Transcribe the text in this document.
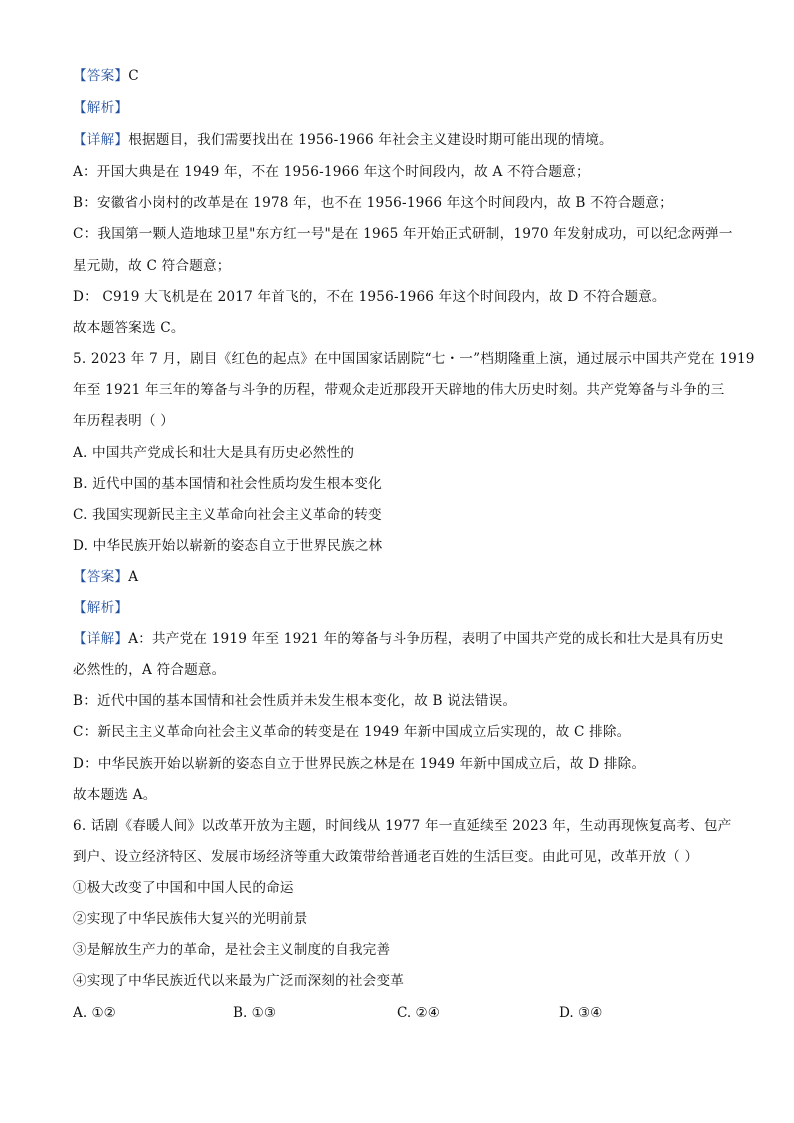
【答案】C
【解析】
【详解】根据题目，我们需要找出在 1956-1966 年社会主义建设时期可能出现的情境。
A：开国大典是在 1949 年，不在 1956-1966 年这个时间段内，故 A 不符合题意；
B：安徽省小岗村的改革是在 1978 年，也不在 1956-1966 年这个时间段内，故 B 不符合题意；
C：我国第一颗人造地球卫星"东方红一号"是在 1965 年开始正式研制，1970 年发射成功，可以纪念两弹一
星元勋，故 C 符合题意；
D： C919 大飞机是在 2017 年首飞的，不在 1956-1966 年这个时间段内，故 D 不符合题意。
故本题答案选 C。
5. 2023 年 7 月，剧目《红色的起点》在中国国家话剧院“七・一”档期隆重上演，通过展示中国共产党在 1919
年至 1921 年三年的筹备与斗争的历程，带观众走近那段开天辟地的伟大历史时刻。共产党筹备与斗争的三
年历程表明（ ）
A. 中国共产党成长和壮大是具有历史必然性的
B. 近代中国的基本国情和社会性质均发生根本变化
C. 我国实现新民主主义革命向社会主义革命的转变
D. 中华民族开始以崭新的姿态自立于世界民族之林
【答案】A
【解析】
【详解】A：共产党在 1919 年至 1921 年的筹备与斗争历程，表明了中国共产党的成长和壮大是具有历史
必然性的，A 符合题意。
B：近代中国的基本国情和社会性质并未发生根本变化，故 B 说法错误。
C：新民主主义革命向社会主义革命的转变是在 1949 年新中国成立后实现的，故 C 排除。
D：中华民族开始以崭新的姿态自立于世界民族之林是在 1949 年新中国成立后，故 D 排除。
故本题选 A。
6. 话剧《春暖人间》以改革开放为主题，时间线从 1977 年一直延续至 2023 年，生动再现恢复高考、包产
到户、设立经济特区、发展市场经济等重大政策带给普通老百姓的生活巨变。由此可见，改革开放（ ）
①极大改变了中国和中国人民的命运
②实现了中华民族伟大复兴的光明前景
③是解放生产力的革命，是社会主义制度的自我完善
④实现了中华民族近代以来最为广泛而深刻的社会变革
A. ①②	B. ①③	C. ②④	D. ③④
